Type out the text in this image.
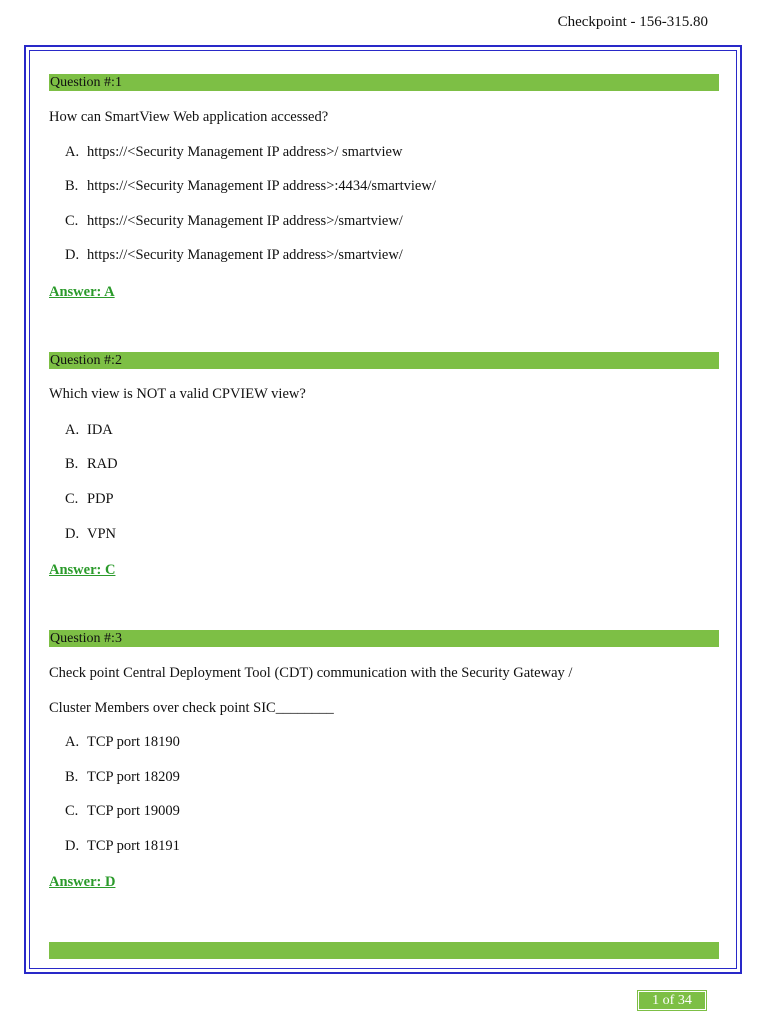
Checkpoint - 156-315.80
Question #:1
How can SmartView Web application accessed?
A. https://<Security Management IP address>/ smartview
B. https://<Security Management IP address>:4434/smartview/
C. https://<Security Management IP address>/smartview/
D. https://<Security Management IP address>/smartview/
Answer: A
Question #:2
Which view is NOT a valid CPVIEW view?
A. IDA
B. RAD
C. PDP
D. VPN
Answer: C
Question #:3
Check point Central Deployment Tool (CDT) communication with the Security Gateway /
Cluster Members over check point SIC________
A. TCP port 18190
B. TCP port 18209
C. TCP port 19009
D. TCP port 18191
Answer: D
1 of 34
